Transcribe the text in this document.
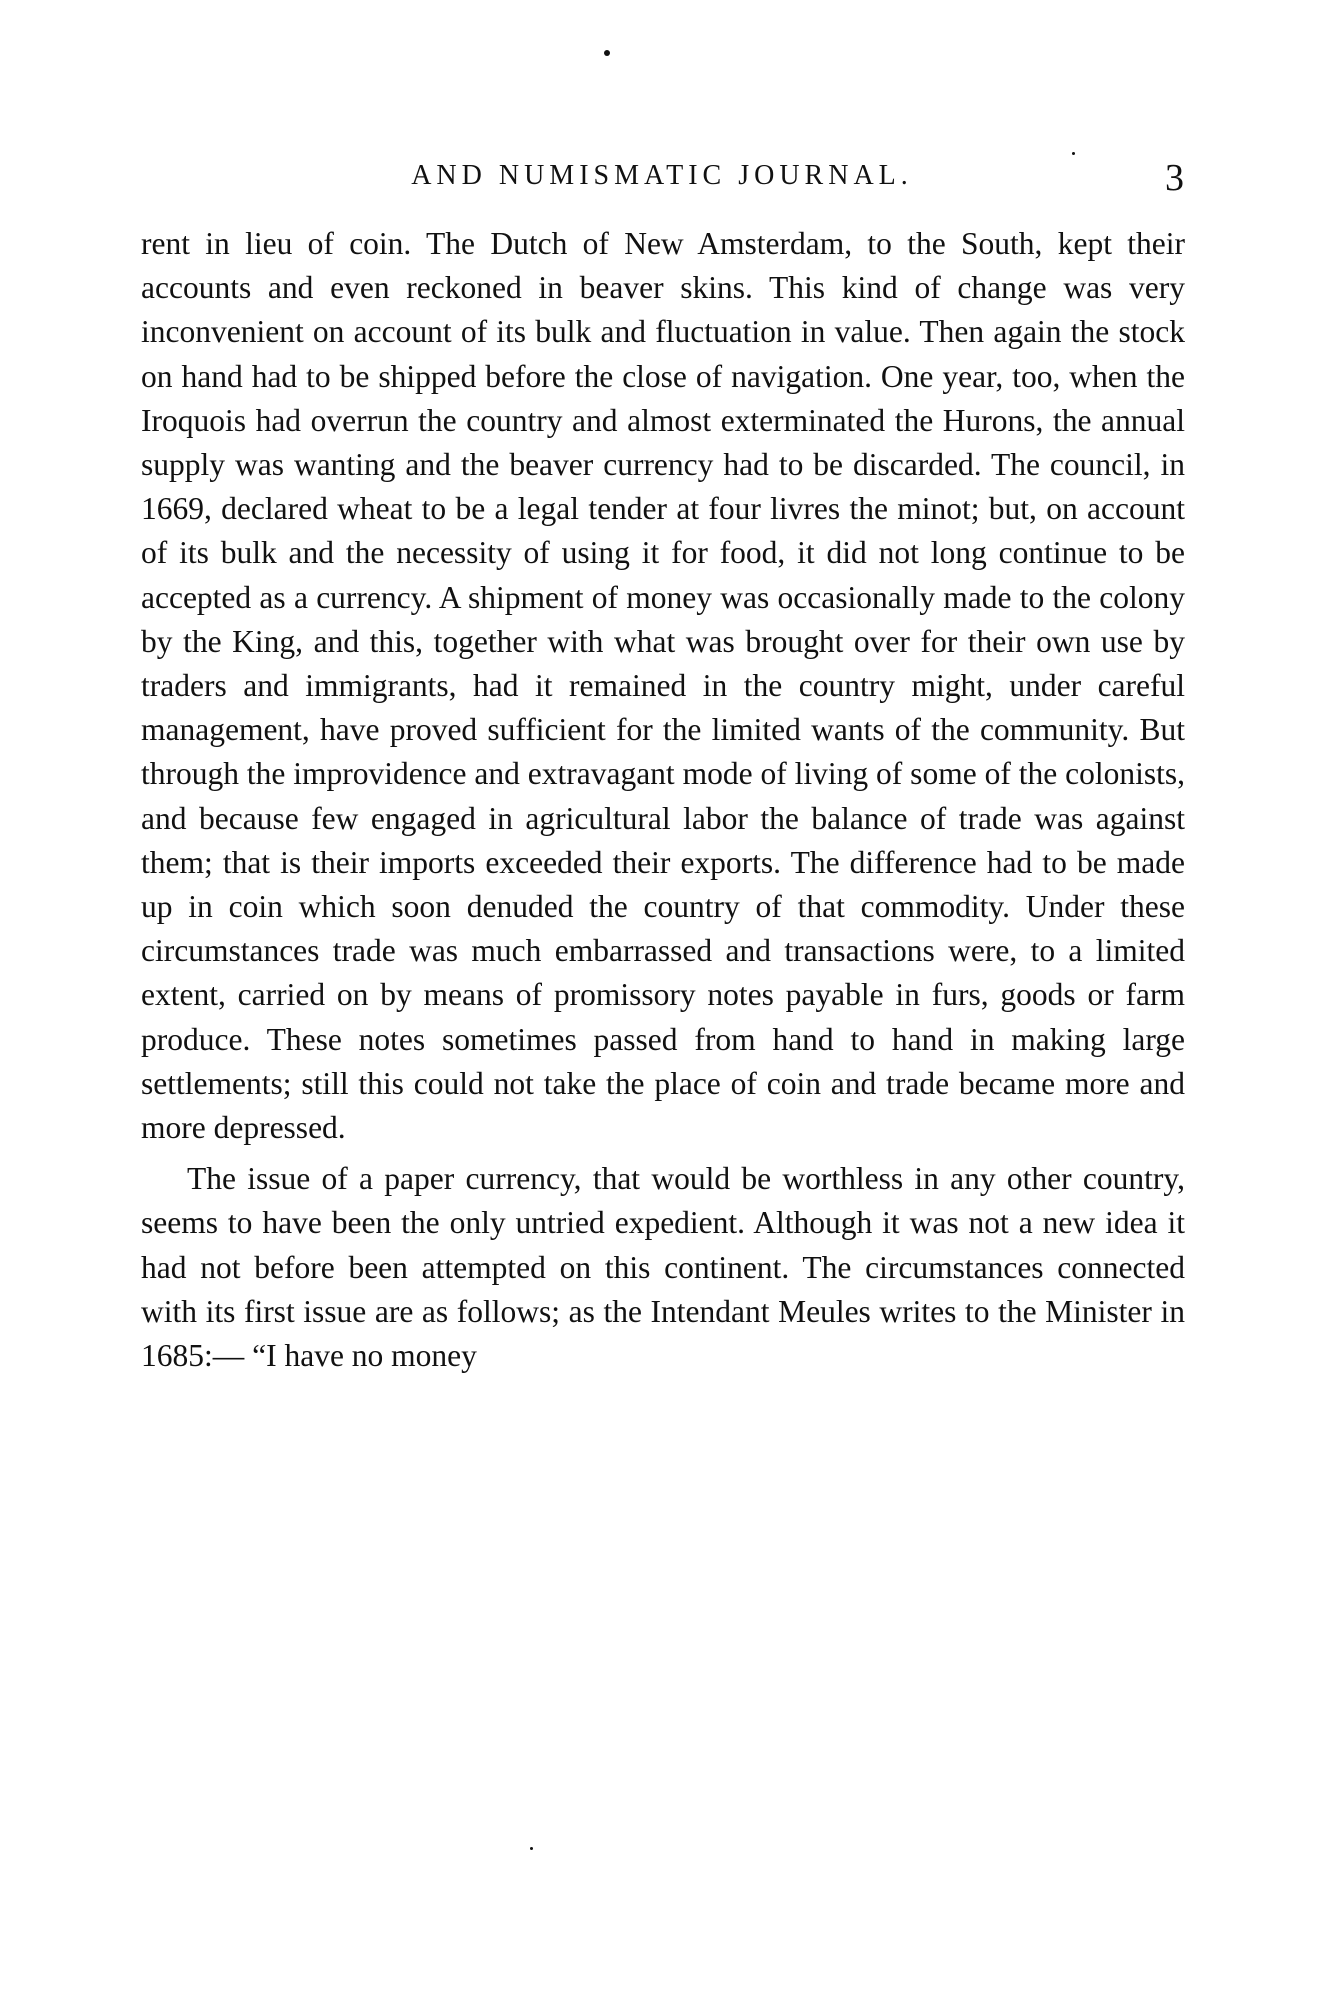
AND NUMISMATIC JOURNAL.	3

rent in lieu of coin. The Dutch of New Amsterdam, to the South, kept their accounts and even reckoned in beaver skins. This kind of change was very inconvenient on account of its bulk and fluctuation in value. Then again the stock on hand had to be shipped before the close of navigation. One year, too, when the Iroquois had overrun the country and almost exterminated the Hurons, the annual supply was wanting and the beaver currency had to be discarded. The council, in 1669, declared wheat to be a legal tender at four livres the minot; but, on account of its bulk and the necessity of using it for food, it did not long continue to be accepted as a currency. A shipment of money was occasionally made to the colony by the King, and this, together with what was brought over for their own use by traders and immigrants, had it remained in the country might, under careful management, have proved sufficient for the limited wants of the community. But through the improvidence and extravagant mode of living of some of the colonists, and because few engaged in agricultural labor the balance of trade was against them; that is their imports exceeded their exports. The difference had to be made up in coin which soon denuded the country of that commodity. Under these circumstances trade was much embarrassed and transactions were, to a limited extent, carried on by means of promissory notes payable in furs, goods or farm produce. These notes sometimes passed from hand to hand in making large settlements; still this could not take the place of coin and trade became more and more depressed.

The issue of a paper currency, that would be worthless in any other country, seems to have been the only untried expedient. Although it was not a new idea it had not before been attempted on this continent. The circumstances connected with its first issue are as follows; as the Intendant Meules writes to the Minister in 1685:— “I have no money
